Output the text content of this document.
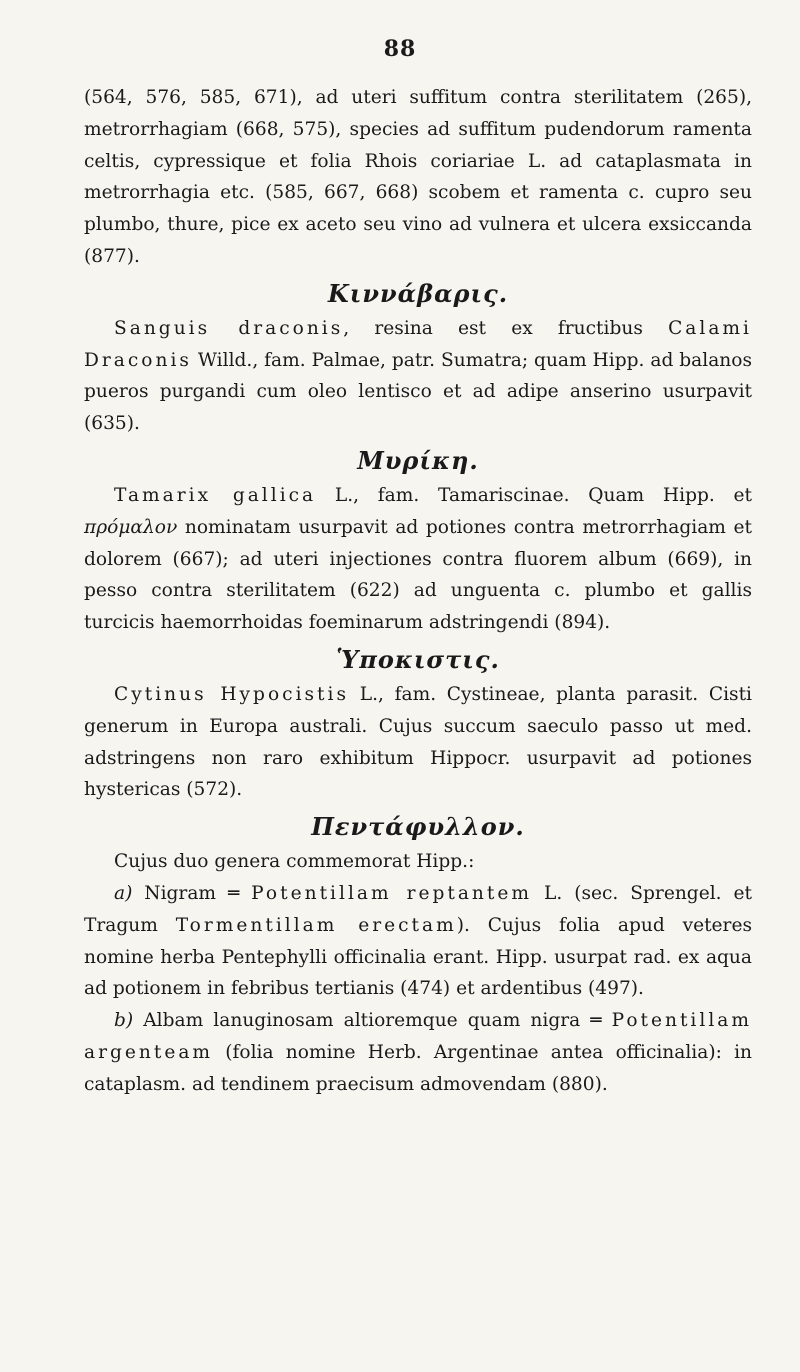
88

(564, 576, 585, 671), ad uteri suffitum contra sterilitatem (265), metrorrhagiam (668, 575), species ad suffitum pudendorum ramenta celtis, cypressique et folia Rhois coriariae L. ad cataplasmata in metrorrhagia etc. (585, 667, 668) scobem et ramenta c. cupro seu plumbo, thure, pice ex aceto seu vino ad vulnera et ulcera exsiccanda (877).

Κιννάβαρις.

Sanguis draconis, resina est ex fructibus Calami Draconis Willd., fam. Palmae, patr. Sumatra; quam Hipp. ad balanos pueros purgandi cum oleo lentisco et ad adipe anserino usurpavit (635).

Μυρίκη.

Tamarix gallica L., fam. Tamariscinae. Quam Hipp. et πρόμαλον nominatam usurpavit ad potiones contra metrorrhagiam et dolorem (667); ad uteri injectiones contra fluorem album (669), in pesso contra sterilitatem (622) ad unguenta c. plumbo et gallis turcicis haemorrhoidas foeminarum adstringendi (894).

Ὑποκιστις.

Cytinus Hypocistis L., fam. Cystineae, planta parasit. Cisti generum in Europa australi. Cujus succum saeculo passo ut med. adstringens non raro exhibitum Hippocr. usurpavit ad potiones hystericas (572).

Πεντάφυλλον.

Cujus duo genera commemorat Hipp.:

a) Nigram ═ Potentillam reptantem L. (sec. Sprengel. et Tragum Tormentillam erectam). Cujus folia apud veteres nomine herba Pentephylli officinalia erant. Hipp. usurpat rad. ex aqua ad potionem in febribus tertianis (474) et ardentibus (497).

b) Albam lanuginosam altioremque quam nigra ═ Potentillam argenteam (folia nomine Herb. Argentinae antea officinalia): in cataplasm. ad tendinem praecisum admovendam (880).
